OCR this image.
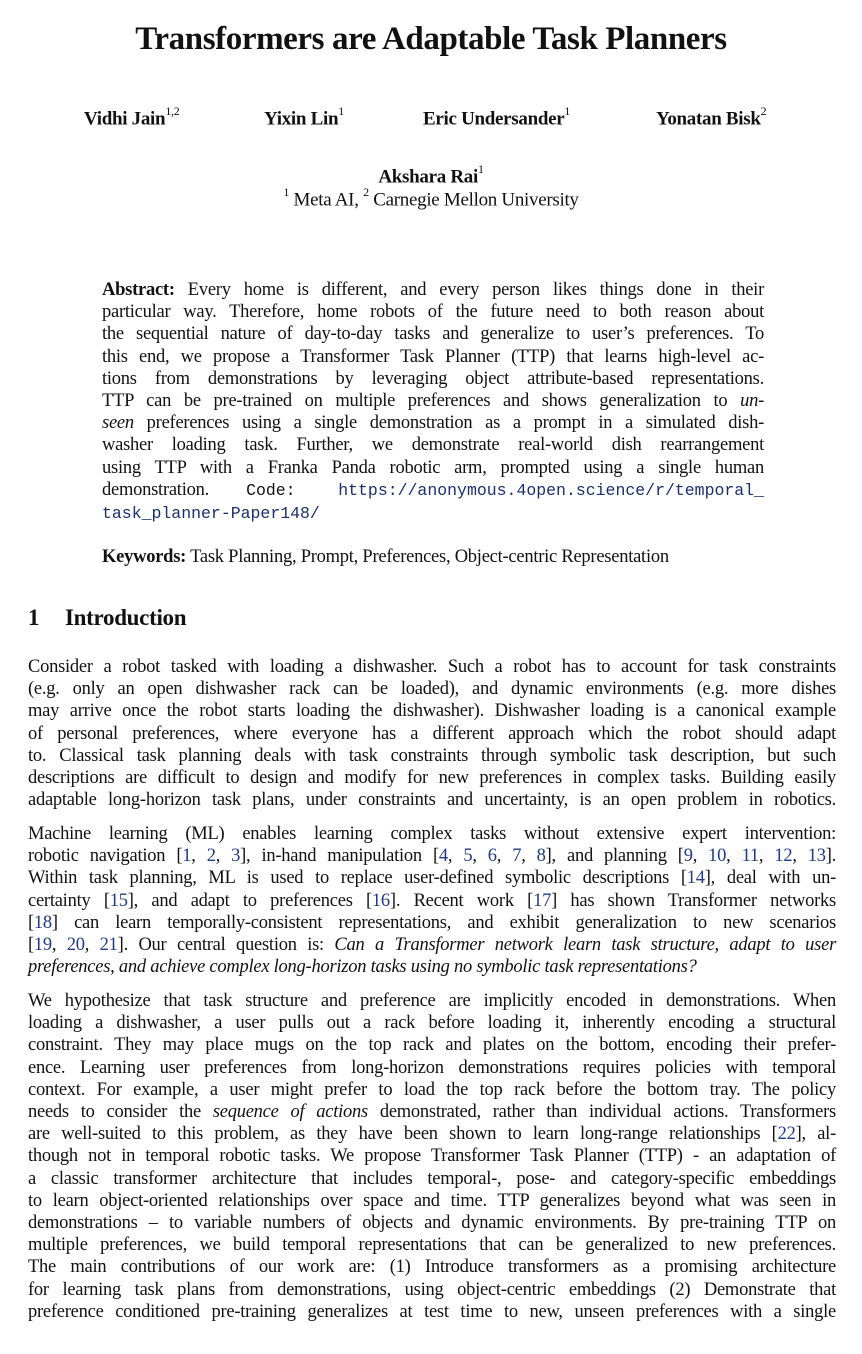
Transformers are Adaptable Task Planners
Vidhi Jain$^{1,2}$	Yixin Lin$^1$	Eric Undersander$^1$	Yonatan Bisk$^2$
Akshara Rai$^1$
$^1$ Meta AI, $^2$ Carnegie Mellon University
Abstract: Every home is different, and every person likes things done in their
particular way. Therefore, home robots of the future need to both reason about
the sequential nature of day-to-day tasks and generalize to user’s preferences. To
this end, we propose a Transformer Task Planner (TTP) that learns high-level ac-
tions from demonstrations by leveraging object attribute-based representations.
TTP can be pre-trained on multiple preferences and shows generalization to un-
seen preferences using a single demonstration as a prompt in a simulated dish-
washer loading task. Further, we demonstrate real-world dish rearrangement
using TTP with a Franka Panda robotic arm, prompted using a single human
demonstration. Code: https://anonymous.4open.science/r/temporal_
task_planner-Paper148/
Keywords: Task Planning, Prompt, Preferences, Object-centric Representation
1 Introduction
Consider a robot tasked with loading a dishwasher. Such a robot has to account for task constraints
(e.g. only an open dishwasher rack can be loaded), and dynamic environments (e.g. more dishes
may arrive once the robot starts loading the dishwasher). Dishwasher loading is a canonical example
of personal preferences, where everyone has a different approach which the robot should adapt
to. Classical task planning deals with task constraints through symbolic task description, but such
descriptions are difficult to design and modify for new preferences in complex tasks. Building easily
adaptable long-horizon task plans, under constraints and uncertainty, is an open problem in robotics.
Machine learning (ML) enables learning complex tasks without extensive expert intervention:
robotic navigation [1, 2, 3], in-hand manipulation [4, 5, 6, 7, 8], and planning [9, 10, 11, 12, 13].
Within task planning, ML is used to replace user-defined symbolic descriptions [14], deal with un-
certainty [15], and adapt to preferences [16]. Recent work [17] has shown Transformer networks
[18] can learn temporally-consistent representations, and exhibit generalization to new scenarios
[19, 20, 21]. Our central question is: Can a Transformer network learn task structure, adapt to user
preferences, and achieve complex long-horizon tasks using no symbolic task representations?
We hypothesize that task structure and preference are implicitly encoded in demonstrations. When
loading a dishwasher, a user pulls out a rack before loading it, inherently encoding a structural
constraint. They may place mugs on the top rack and plates on the bottom, encoding their prefer-
ence. Learning user preferences from long-horizon demonstrations requires policies with temporal
context. For example, a user might prefer to load the top rack before the bottom tray. The policy
needs to consider the sequence of actions demonstrated, rather than individual actions. Transformers
are well-suited to this problem, as they have been shown to learn long-range relationships [22], al-
though not in temporal robotic tasks. We propose Transformer Task Planner (TTP) - an adaptation of
a classic transformer architecture that includes temporal-, pose- and category-specific embeddings
to learn object-oriented relationships over space and time. TTP generalizes beyond what was seen in
demonstrations – to variable numbers of objects and dynamic environments. By pre-training TTP on
multiple preferences, we build temporal representations that can be generalized to new preferences.
The main contributions of our work are: (1) Introduce transformers as a promising architecture
for learning task plans from demonstrations, using object-centric embeddings (2) Demonstrate that
preference conditioned pre-training generalizes at test time to new, unseen preferences with a single
